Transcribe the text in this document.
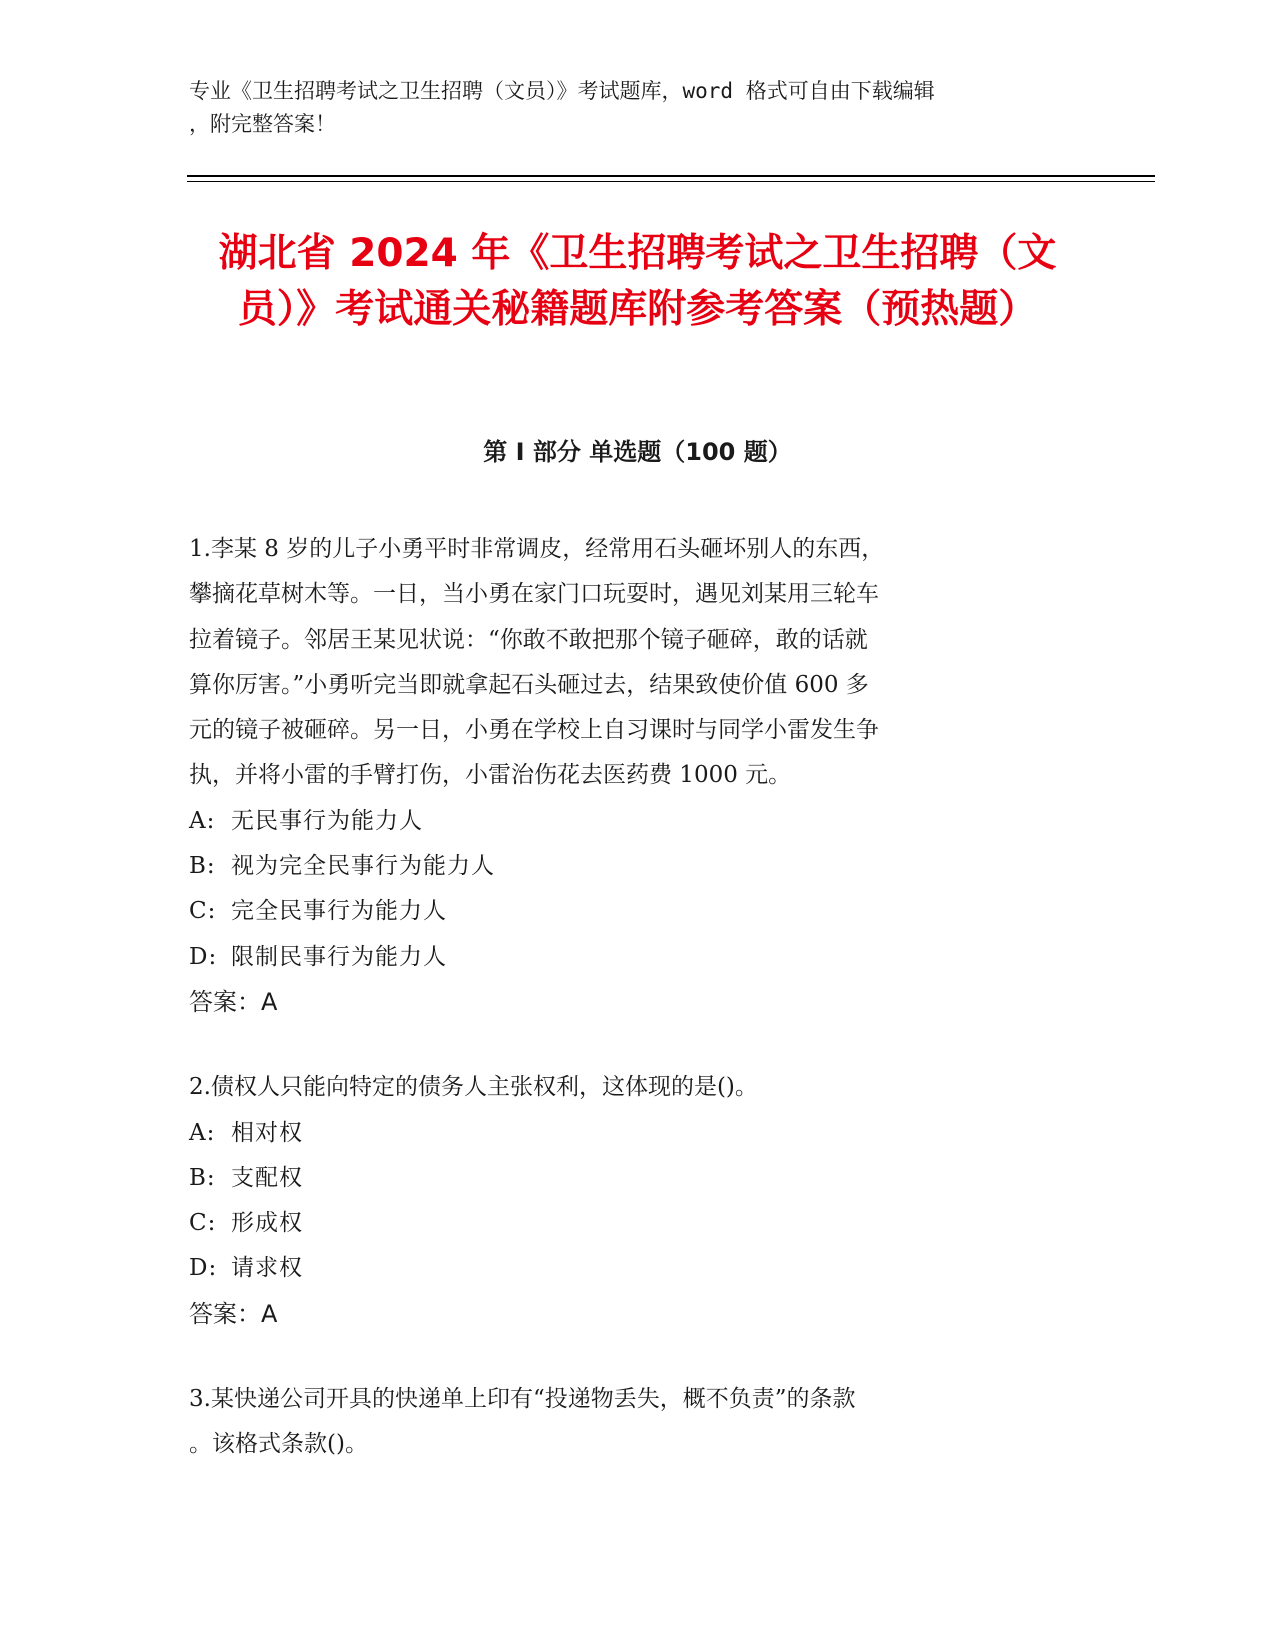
专业《卫生招聘考试之卫生招聘（文员）》考试题库，word 格式可自由下载编辑
，附完整答案！
湖北省 2024 年《卫生招聘考试之卫生招聘（文员）》考试通关秘籍题库附参考答案（预热题）
第 I 部分 单选题（100 题）
1.李某 8 岁的儿子小勇平时非常调皮，经常用石头砸坏别人的东西，
攀摘花草树木等。一日，当小勇在家门口玩耍时，遇见刘某用三轮车
拉着镜子。邻居王某见状说：“你敢不敢把那个镜子砸碎，敢的话就
算你厉害。”小勇听完当即就拿起石头砸过去，结果致使价值 600 多
元的镜子被砸碎。另一日，小勇在学校上自习课时与同学小雷发生争
执，并将小雷的手臂打伤，小雷治伤花去医药费 1000 元。
A: 无民事行为能力人
B: 视为完全民事行为能力人
C: 完全民事行为能力人
D: 限制民事行为能力人
答案：A
2.债权人只能向特定的债务人主张权利，这体现的是()。
A: 相对权
B: 支配权
C: 形成权
D: 请求权
答案：A
3.某快递公司开具的快递单上印有“投递物丢失，概不负责”的条款
。该格式条款()。
